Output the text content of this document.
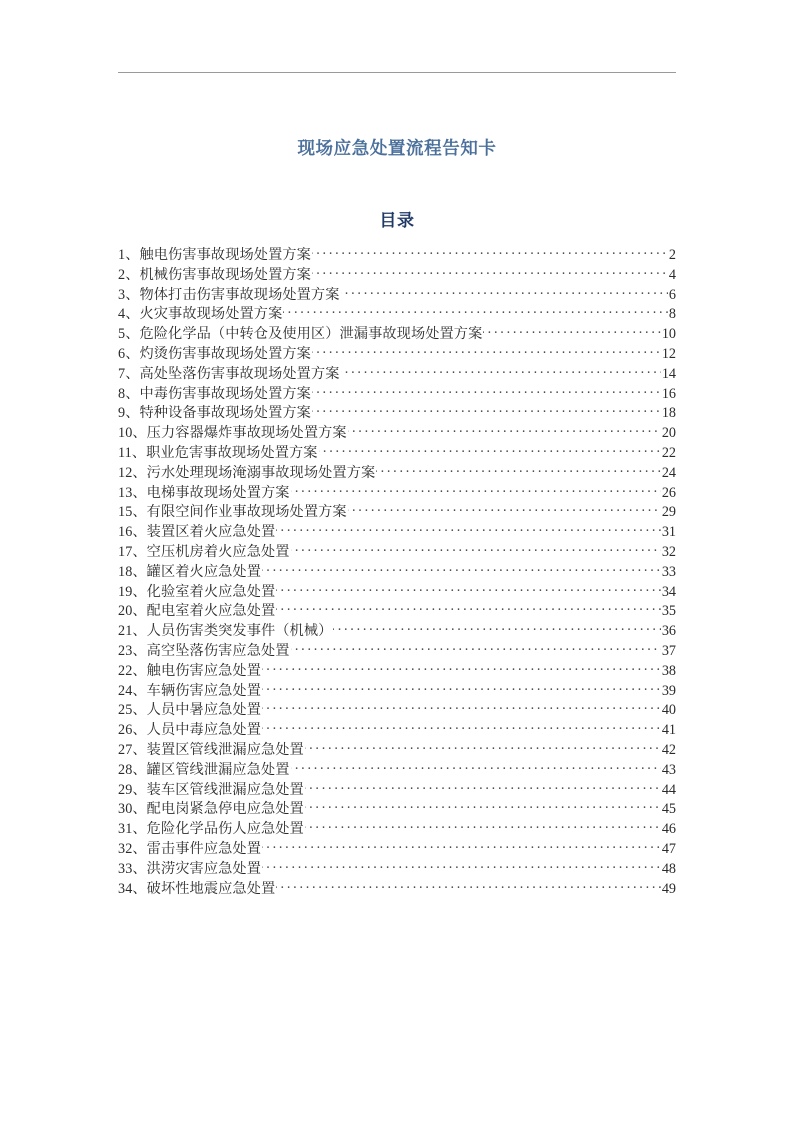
现场应急处置流程告知卡
目录
1、触电伤害事故现场处置方案 . . .	2
2、机械伤害事故现场处置方案 . . .	4
3、物体打击伤害事故现场处置方案 . . .	6
4、火灾事故现场处置方案 . . .	8
5、危险化学品（中转仓及使用区）泄漏事故现场处置方案 . . .	10
6、灼烫伤害事故现场处置方案 . . .	12
7、高处坠落伤害事故现场处置方案 . . .	14
8、中毒伤害事故现场处置方案 . . .	16
9、特种设备事故现场处置方案 . . .	18
10、压力容器爆炸事故现场处置方案 . . .	20
11、职业危害事故现场处置方案 . . .	22
12、污水处理现场淹溺事故现场处置方案 . . .	24
13、电梯事故现场处置方案 . . .	26
15、有限空间作业事故现场处置方案 . . .	29
16、装置区着火应急处置 . . .	31
17、空压机房着火应急处置 . . .	32
18、罐区着火应急处置 . . .	33
19、化验室着火应急处置 . . .	34
20、配电室着火应急处置 . . .	35
21、人员伤害类突发事件（机械） . . .	36
23、高空坠落伤害应急处置 . . .	37
22、触电伤害应急处置 . . .	38
24、车辆伤害应急处置 . . .	39
25、人员中暑应急处置 . . .	40
26、人员中毒应急处置 . . .	41
27、装置区管线泄漏应急处置 . . .	42
28、罐区管线泄漏应急处置 . . .	43
29、装车区管线泄漏应急处置 . . .	44
30、配电岗紧急停电应急处置 . . .	45
31、危险化学品伤人应急处置 . . .	46
32、雷击事件应急处置 . . .	47
33、洪涝灾害应急处置 . . .	48
34、破坏性地震应急处置 . . .	49
